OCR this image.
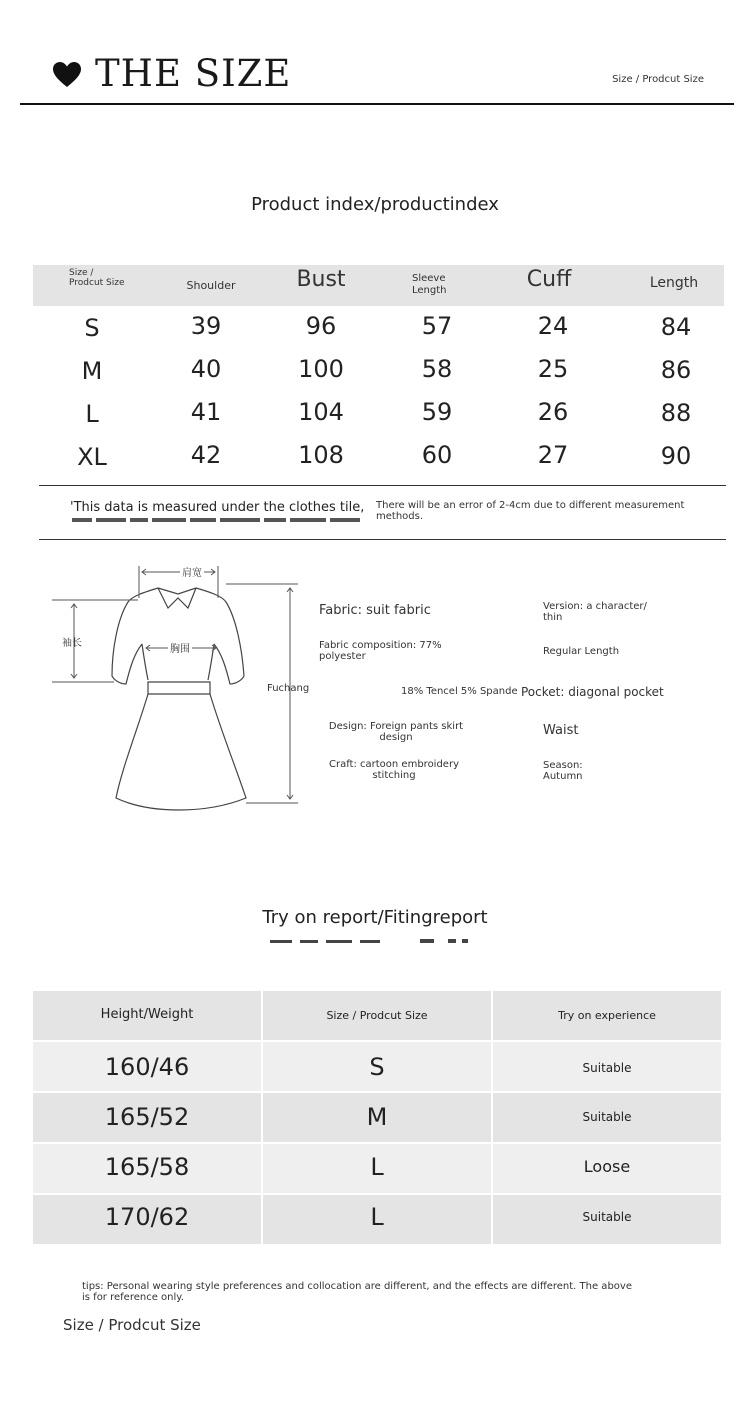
THE SIZE	Size / Prodcut Size
Product index/productindex
Size / Prodcut Size	Shoulder	Bust	Sleeve Length	Cuff	Length
S	39	96	57	24	84
M	40	100	58	25	86
L	41	104	59	26	88
XL	42	108	60	27	90
'This data is measured under the clothes tile, There will be an error of 2-4cm due to different measurement methods.
肩宽
胸围
袖长
Fabric: suit fabric
Fabric composition: 77% polyester
Fuchang	18% Tencel 5% Spande
Design: Foreign pants skirt design
Craft: cartoon embroidery stitching
Version: a character/ thin
Regular Length
Pocket: diagonal pocket
Waist
Season: Autumn
Try on report/Fitingreport
Height/Weight	Size / Prodcut Size	Try on experience
160/46	S	Suitable
165/52	M	Suitable
165/58	L	Loose
170/62	L	Suitable
tips: Personal wearing style preferences and collocation are different, and the effects are different. The above is for reference only.
Size / Prodcut Size
